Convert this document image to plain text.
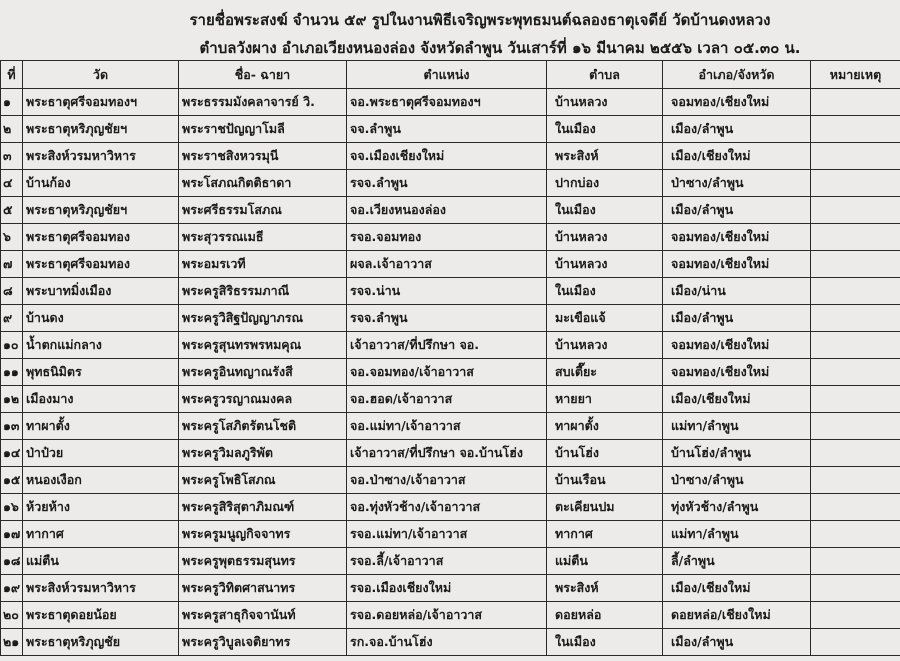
รายชื่อพระสงฆ์ จำนวน ๕๙ รูปในงานพิธีเจริญพระพุทธมนต์ฉลองธาตุเจดีย์ วัดบ้านดงหลวง
ตำบลวังผาง อำเภอเวียงหนองล่อง จังหวัดลำพูน วันเสาร์ที่ ๑๖ มีนาคม ๒๕๕๖ เวลา ๐๕.๓๐ น.
ที่	วัด	ชื่อ- ฉายา	ตำแหน่ง	ตำบล	อำเภอ/จังหวัด	หมายเหตุ
๑	พระธาตุศรีจอมทองฯ	พระธรรมมังคลาจารย์ วิ.	จอ.พระธาตุศรีจอมทองฯ	บ้านหลวง	จอมทอง/เชียงใหม่	
๒	พระธาตุหริภุญชัยฯ	พระราชปัญญาโมลี	จจ.ลำพูน	ในเมือง	เมือง/ลำพูน	
๓	พระสิงห์วรมหาวิหาร	พระราชสิงหวรมุนี	จจ.เมืองเชียงใหม่	พระสิงห์	เมือง/เชียงใหม่	
๔	บ้านก้อง	พระโสภณกิตติธาดา	รจจ.ลำพูน	ปากบ่อง	ป่าซาง/ลำพูน	
๕	พระธาตุหริภุญชัยฯ	พระศรีธรรมโสภณ	จอ.เวียงหนองล่อง	ในเมือง	เมือง/ลำพูน	
๖	พระธาตุศรีจอมทอง	พระสุวรรณเมธี	รจอ.จอมทอง	บ้านหลวง	จอมทอง/เชียงใหม่	
๗	พระธาตุศรีจอมทอง	พระอมรเวที	ผจล.เจ้าอาวาส	บ้านหลวง	จอมทอง/เชียงใหม่	
๘	พระบาทมิ่งเมือง	พระครูสิริธรรมภาณี	รจจ.น่าน	ในเมือง	เมือง/น่าน	
๙	บ้านดง	พระครูวิสิฐปัญญาภรณ	รจจ.ลำพูน	มะเขือแจ้	เมือง/ลำพูน	
๑๐	น้ำตกแม่กลาง	พระครูสุนทรพรหมคุณ	เจ้าอาวาส/ที่ปรึกษา จอ.	บ้านหลวง	จอมทอง/เชียงใหม่	
๑๑	พุทธนิมิตร	พระครูอินทญาณรังสี	จอ.จอมทอง/เจ้าอาวาส	สบเตี๊ยะ	จอมทอง/เชียงใหม่	
๑๒	เมืองมาง	พระครูวรญาณมงคล	จอ.ฮอด/เจ้าอาวาส	หายยา	เมือง/เชียงใหม่	
๑๓	ทาผาตั้ง	พระครูโสภิตรัตนโชติ	จอ.แม่ทา/เจ้าอาวาส	ทาผาตั้ง	แม่ทา/ลำพูน	
๑๔	ป่าป๋วย	พระครูวิมลภูริพัต	เจ้าอาวาส/ที่ปรึกษา จอ.บ้านโฮ่ง	บ้านโฮ่ง	บ้านโฮ่ง/ลำพูน	
๑๕	หนองเงือก	พระครูโพธิโสภณ	จอ.ป่าซาง/เจ้าอาวาส	บ้านเรือน	ป่าซาง/ลำพูน	
๑๖	ห้วยห้าง	พระครูสิริสุตาภิมณฑ์	จอ.ทุ่งหัวช้าง/เจ้าอาวาส	ตะเคียนปม	ทุ่งหัวช้าง/ลำพูน	
๑๗	ทากาศ	พระครูมนูญกิจจาทร	รจอ.แม่ทา/เจ้าอาวาส	ทากาศ	แม่ทา/ลำพูน	
๑๘	แม่ตืน	พระครูพุตธรรมสุนทร	รจอ.ลี้/เจ้าอาวาส	แม่ตืน	ลี้/ลำพูน	
๑๙	พระสิงห์วรมหาวิหาร	พระครูวิทิตศาสนาทร	รจอ.เมืองเชียงใหม่	พระสิงห์	เมือง/เชียงใหม่	
๒๐	พระธาตุดอยน้อย	พระครูสาธุกิจจานันท์	รจอ.ดอยหล่อ/เจ้าอาวาส	ดอยหล่อ	ดอยหล่อ/เชียงใหม่	
๒๑	พระธาตุหริภุญชัย	พระครูวิบูลเจติยาทร	รก.จอ.บ้านโฮ่ง	ในเมือง	เมือง/ลำพูน	
